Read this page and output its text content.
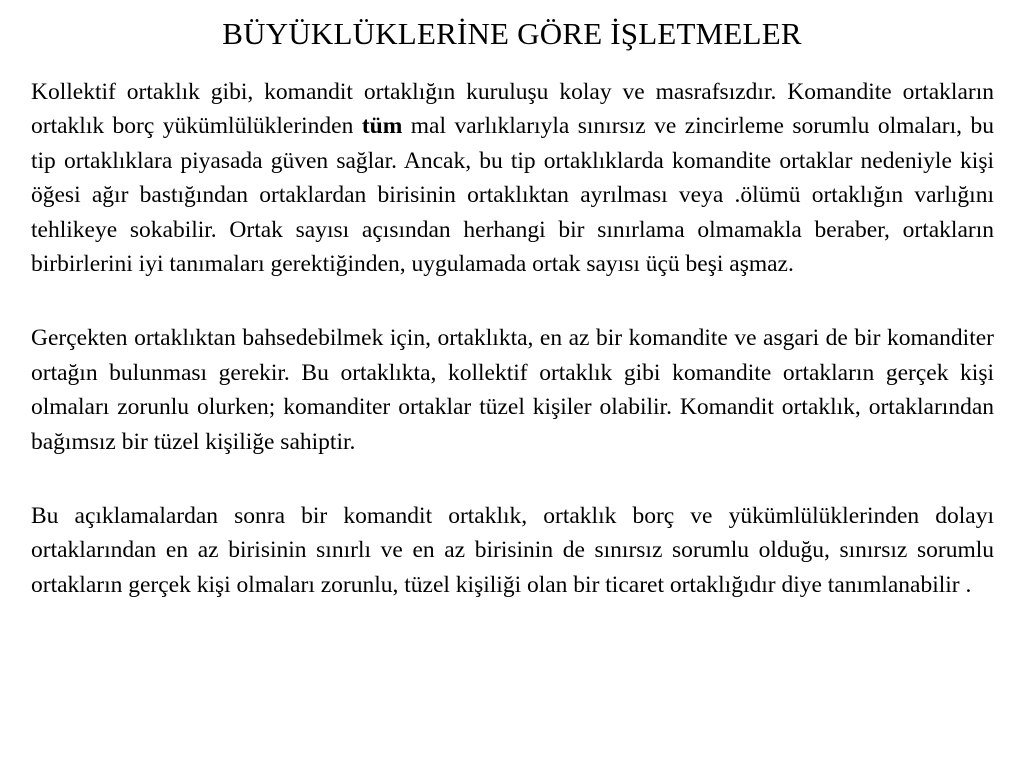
BÜYÜKLÜKLERİNE GÖRE İŞLETMELER

Kollektif ortaklık gibi, komandit ortaklığın kuruluşu kolay ve masrafsızdır. Komandite ortakların ortaklık borç yükümlülüklerinden tüm mal varlıklarıyla sınırsız ve zincirleme sorumlu olmaları, bu tip ortaklıklara piyasada güven sağlar. Ancak, bu tip ortaklıklarda komandite ortaklar nedeniyle kişi öğesi ağır bastığından ortaklardan birisinin ortaklıktan ayrılması veya .ölümü ortaklığın varlığını tehlikeye sokabilir. Ortak sayısı açısından herhangi bir sınırlama olmamakla beraber, ortakların birbirlerini iyi tanımaları gerektiğinden, uygulamada ortak sayısı üçü beşi aşmaz.

Gerçekten ortaklıktan bahsedebilmek için, ortaklıkta, en az bir komandite ve asgari de bir komanditer ortağın bulunması gerekir. Bu ortaklıkta, kollektif ortaklık gibi komandite ortakların gerçek kişi olmaları zorunlu olurken; komanditer ortaklar tüzel kişiler olabilir. Komandit ortaklık, ortaklarından bağımsız bir tüzel kişiliğe sahiptir.

Bu açıklamalardan sonra bir komandit ortaklık, ortaklık borç ve yükümlülüklerinden dolayı ortaklarından en az birisinin sınırlı ve en az birisinin de sınırsız sorumlu olduğu, sınırsız sorumlu ortakların gerçek kişi olmaları zorunlu, tüzel kişiliği olan bir ticaret ortaklığıdır diye tanımlanabilir .
